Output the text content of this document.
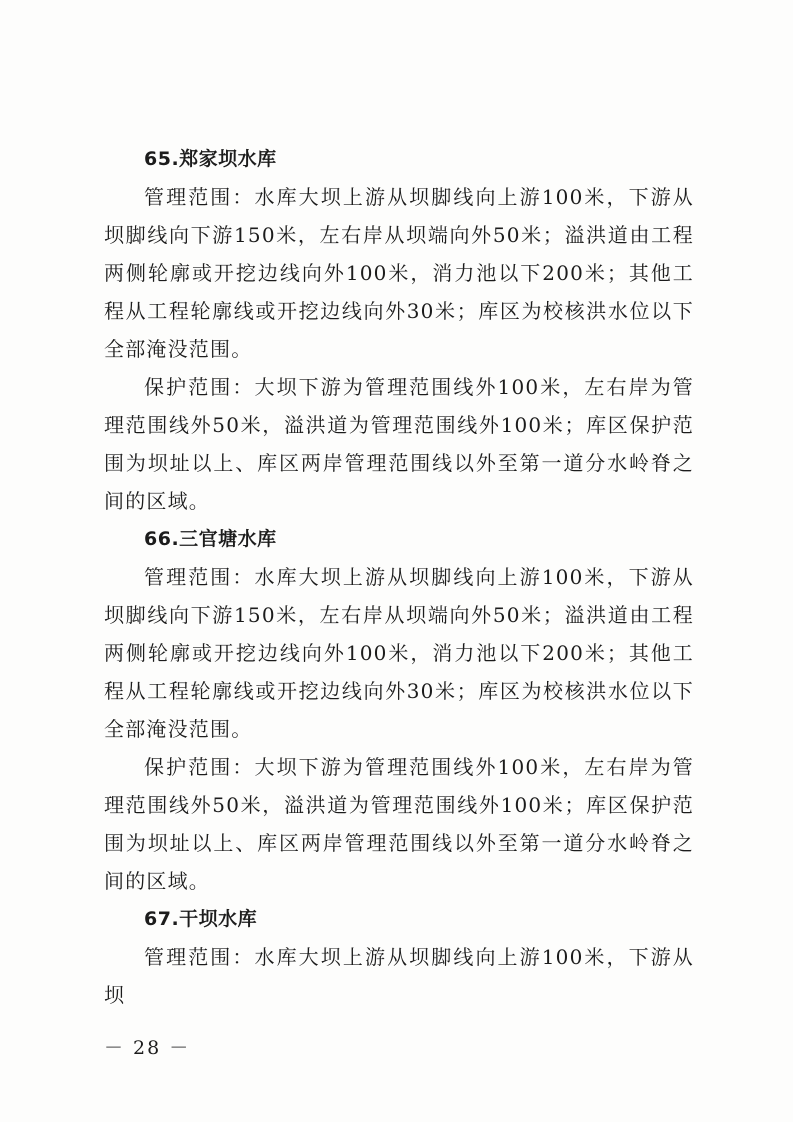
65.郑家坝水库

管理范围：水库大坝上游从坝脚线向上游100米，下游从坝脚线向下游150米，左右岸从坝端向外50米；溢洪道由工程两侧轮廓或开挖边线向外100米，消力池以下200米；其他工程从工程轮廓线或开挖边线向外30米；库区为校核洪水位以下全部淹没范围。

保护范围：大坝下游为管理范围线外100米，左右岸为管理范围线外50米，溢洪道为管理范围线外100米；库区保护范围为坝址以上、库区两岸管理范围线以外至第一道分水岭脊之间的区域。

66.三官塘水库

管理范围：水库大坝上游从坝脚线向上游100米，下游从坝脚线向下游150米，左右岸从坝端向外50米；溢洪道由工程两侧轮廓或开挖边线向外100米，消力池以下200米；其他工程从工程轮廓线或开挖边线向外30米；库区为校核洪水位以下全部淹没范围。

保护范围：大坝下游为管理范围线外100米，左右岸为管理范围线外50米，溢洪道为管理范围线外100米；库区保护范围为坝址以上、库区两岸管理范围线以外至第一道分水岭脊之间的区域。

67.干坝水库

管理范围：水库大坝上游从坝脚线向上游100米，下游从坝

－ 28 －
